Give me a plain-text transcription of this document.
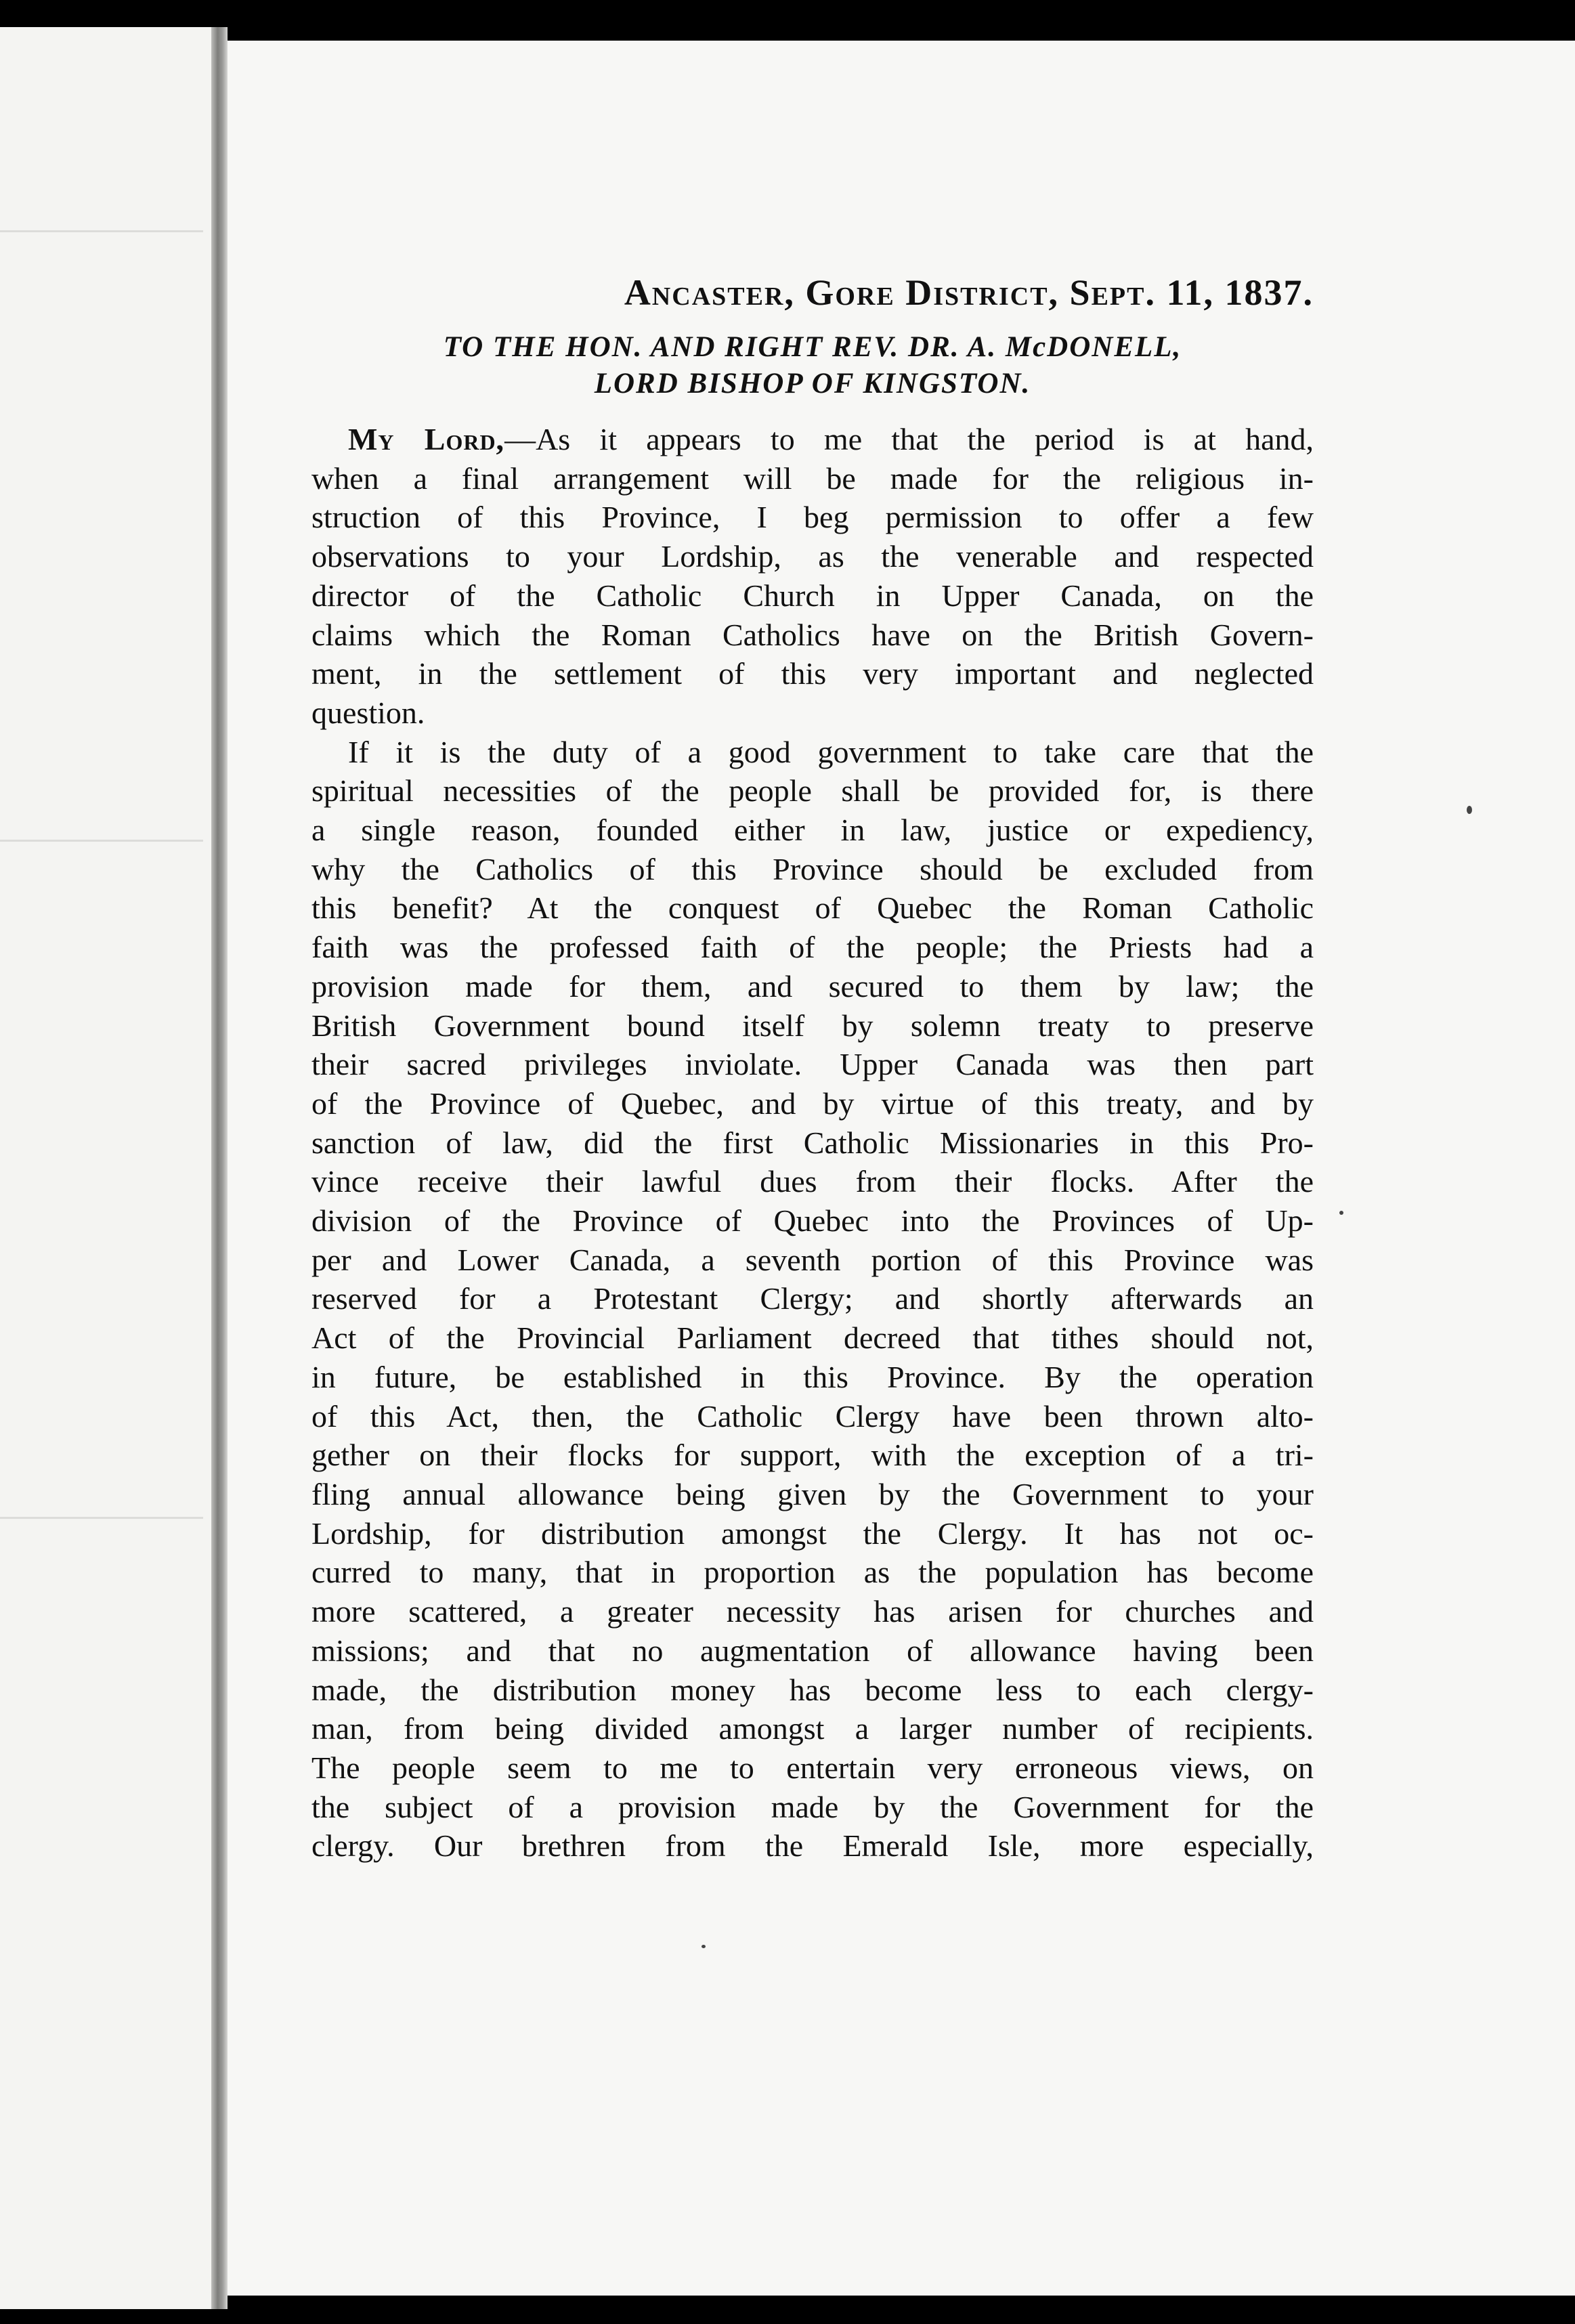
Ancaster, Gore District, Sept. 11, 1837.
TO THE HON. AND RIGHT REV. DR. A. McDONELL,
LORD BISHOP OF KINGSTON.
My Lord,—As it appears to me that the period is at hand,
when a final arrangement will be made for the religious in-
struction of this Province, I beg permission to offer a few
observations to your Lordship, as the venerable and respected
director of the Catholic Church in Upper Canada, on the
claims which the Roman Catholics have on the British Govern-
ment, in the settlement of this very important and neglected
question.
If it is the duty of a good government to take care that the
spiritual necessities of the people shall be provided for, is there
a single reason, founded either in law, justice or expediency,
why the Catholics of this Province should be excluded from
this benefit? At the conquest of Quebec the Roman Catholic
faith was the professed faith of the people; the Priests had a
provision made for them, and secured to them by law; the
British Government bound itself by solemn treaty to preserve
their sacred privileges inviolate. Upper Canada was then part
of the Province of Quebec, and by virtue of this treaty, and by
sanction of law, did the first Catholic Missionaries in this Pro-
vince receive their lawful dues from their flocks. After the
division of the Province of Quebec into the Provinces of Up-
per and Lower Canada, a seventh portion of this Province was
reserved for a Protestant Clergy; and shortly afterwards an
Act of the Provincial Parliament decreed that tithes should not,
in future, be established in this Province. By the operation
of this Act, then, the Catholic Clergy have been thrown alto-
gether on their flocks for support, with the exception of a tri-
fling annual allowance being given by the Government to your
Lordship, for distribution amongst the Clergy. It has not oc-
curred to many, that in proportion as the population has become
more scattered, a greater necessity has arisen for churches and
missions; and that no augmentation of allowance having been
made, the distribution money has become less to each clergy-
man, from being divided amongst a larger number of recipients.
The people seem to me to entertain very erroneous views, on
the subject of a provision made by the Government for the
clergy. Our brethren from the Emerald Isle, more especially,
